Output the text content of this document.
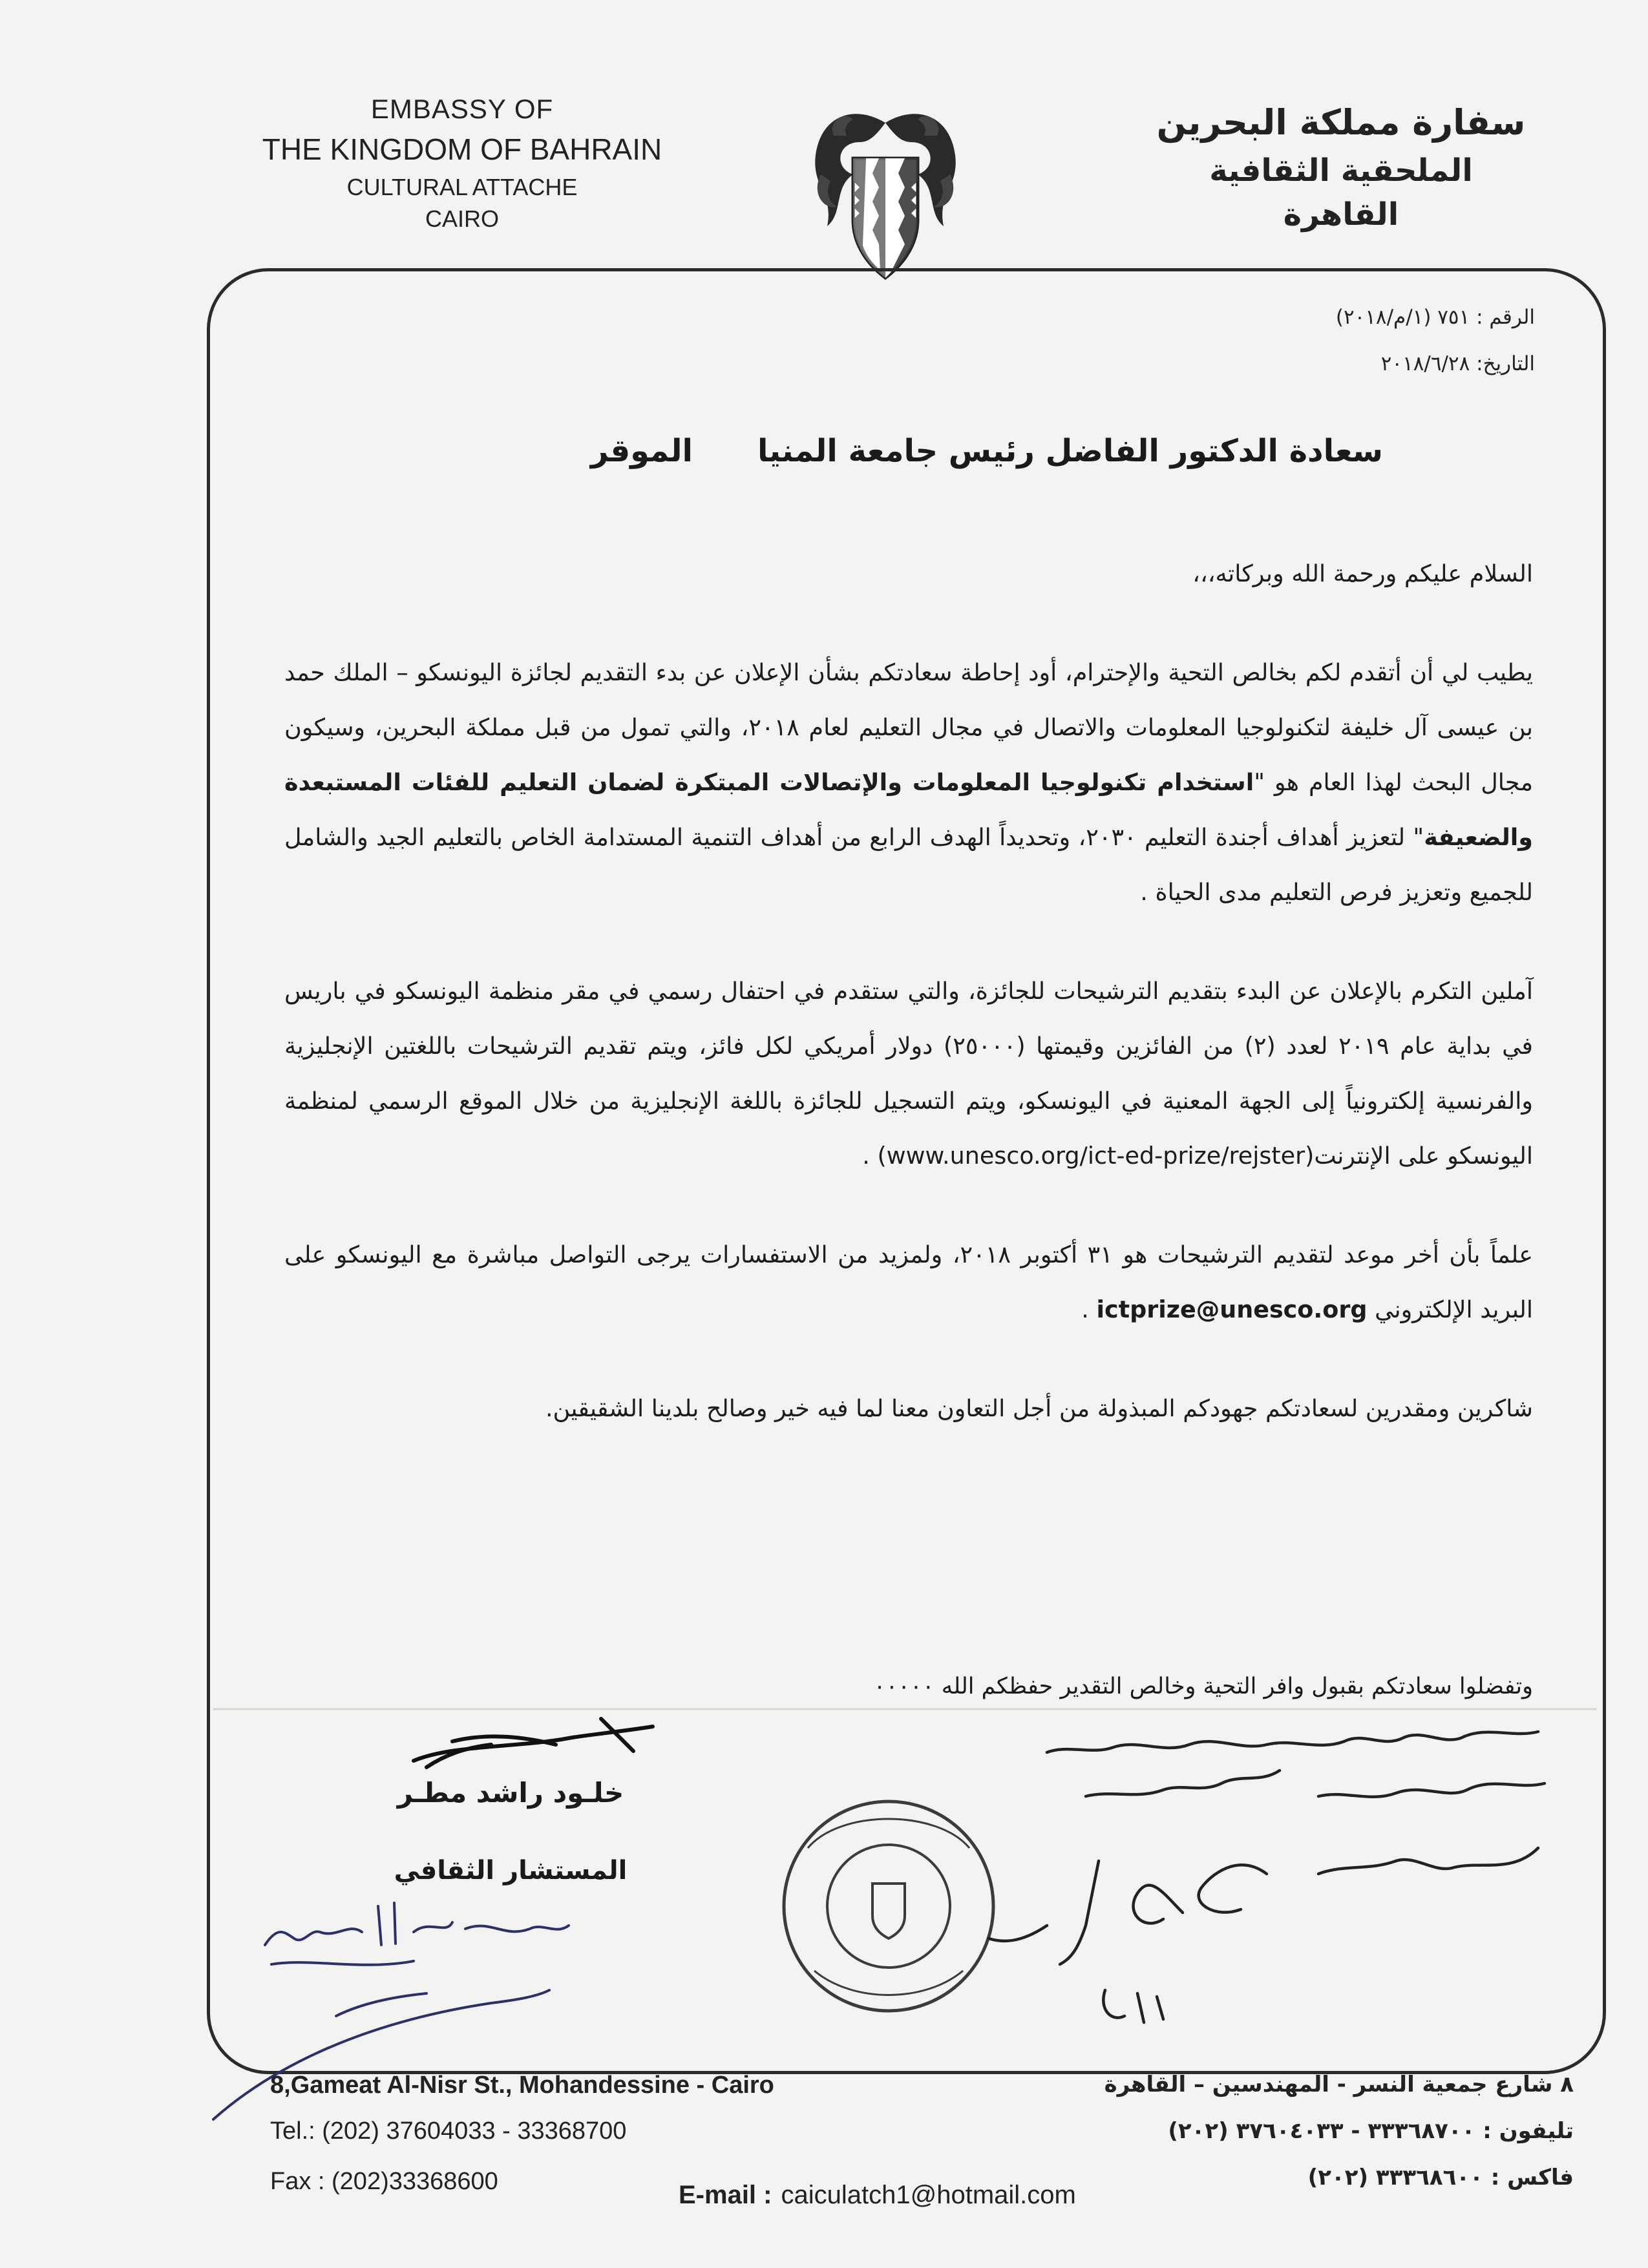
EMBASSY OF
THE KINGDOM OF BAHRAIN
CULTURAL ATTACHE
CAIRO
سفارة مملكة البحرين
الملحقية الثقافية
القاهرة
الرقم : ٧٥١ (١/م/٢٠١٨)
التاريخ: ٢٠١٨/٦/٢٨
سعادة الدكتور الفاضل رئيس جامعة المنياالموقر

السلام عليكم ورحمة الله وبركاته،،،

يطيب لي أن أتقدم لكم بخالص التحية والإحترام، أود إحاطة سعادتكم بشأن الإعلان عن بدء التقديم لجائزة اليونسكو – الملك حمد بن عيسى آل خليفة لتكنولوجيا المعلومات والاتصال في مجال التعليم لعام ٢٠١٨، والتي تمول من قبل مملكة البحرين، وسيكون مجال البحث لهذا العام هو "استخدام تكنولوجيا المعلومات والإتصالات المبتكرة لضمان التعليم للفئات المستبعدة والضعيفة" لتعزيز أهداف أجندة التعليم ٢٠٣٠، وتحديداً الهدف الرابع من أهداف التنمية المستدامة الخاص بالتعليم الجيد والشامل للجميع وتعزيز فرص التعليم مدى الحياة .

آملين التكرم بالإعلان عن البدء بتقديم الترشيحات للجائزة، والتي ستقدم في احتفال رسمي في مقر منظمة اليونسكو في باريس في بداية عام ٢٠١٩ لعدد (٢) من الفائزين وقيمتها (٢٥٠٠٠) دولار أمريكي لكل فائز، ويتم تقديم الترشيحات باللغتين الإنجليزية والفرنسية إلكترونياً إلى الجهة المعنية في اليونسكو، ويتم التسجيل للجائزة باللغة الإنجليزية من خلال الموقع الرسمي لمنظمة اليونسكو على الإنترنت(www.unesco.org/ict-ed-prize/rejster) .

علماً بأن أخر موعد لتقديم الترشيحات هو ٣١ أكتوبر ٢٠١٨، ولمزيد من الاستفسارات يرجى التواصل مباشرة مع اليونسكو على البريد الإلكتروني ictprize@unesco.org .

شاكرين ومقدرين لسعادتكم جهودكم المبذولة من أجل التعاون معنا لما فيه خير وصالح بلدينا الشقيقين.

وتفضلوا سعادتكم بقبول وافر التحية وخالص التقدير حفظكم الله ٠٠٠٠٠
خلـود راشد مطـر
المستشار الثقافي
8,Gameat Al-Nisr St., Mohandessine - Cairo
Tel.: (202) 37604033 - 33368700
Fax : (202)33368600
٨ شارع جمعية النسر - المهندسين – القاهرة
تليفون : ٣٣٣٦٨٧٠٠ - ٣٧٦٠٤٠٣٣ (٢٠٢)
فاكس : ٣٣٣٦٨٦٠٠ (٢٠٢)
E-mail : caiculatch1@hotmail.com
